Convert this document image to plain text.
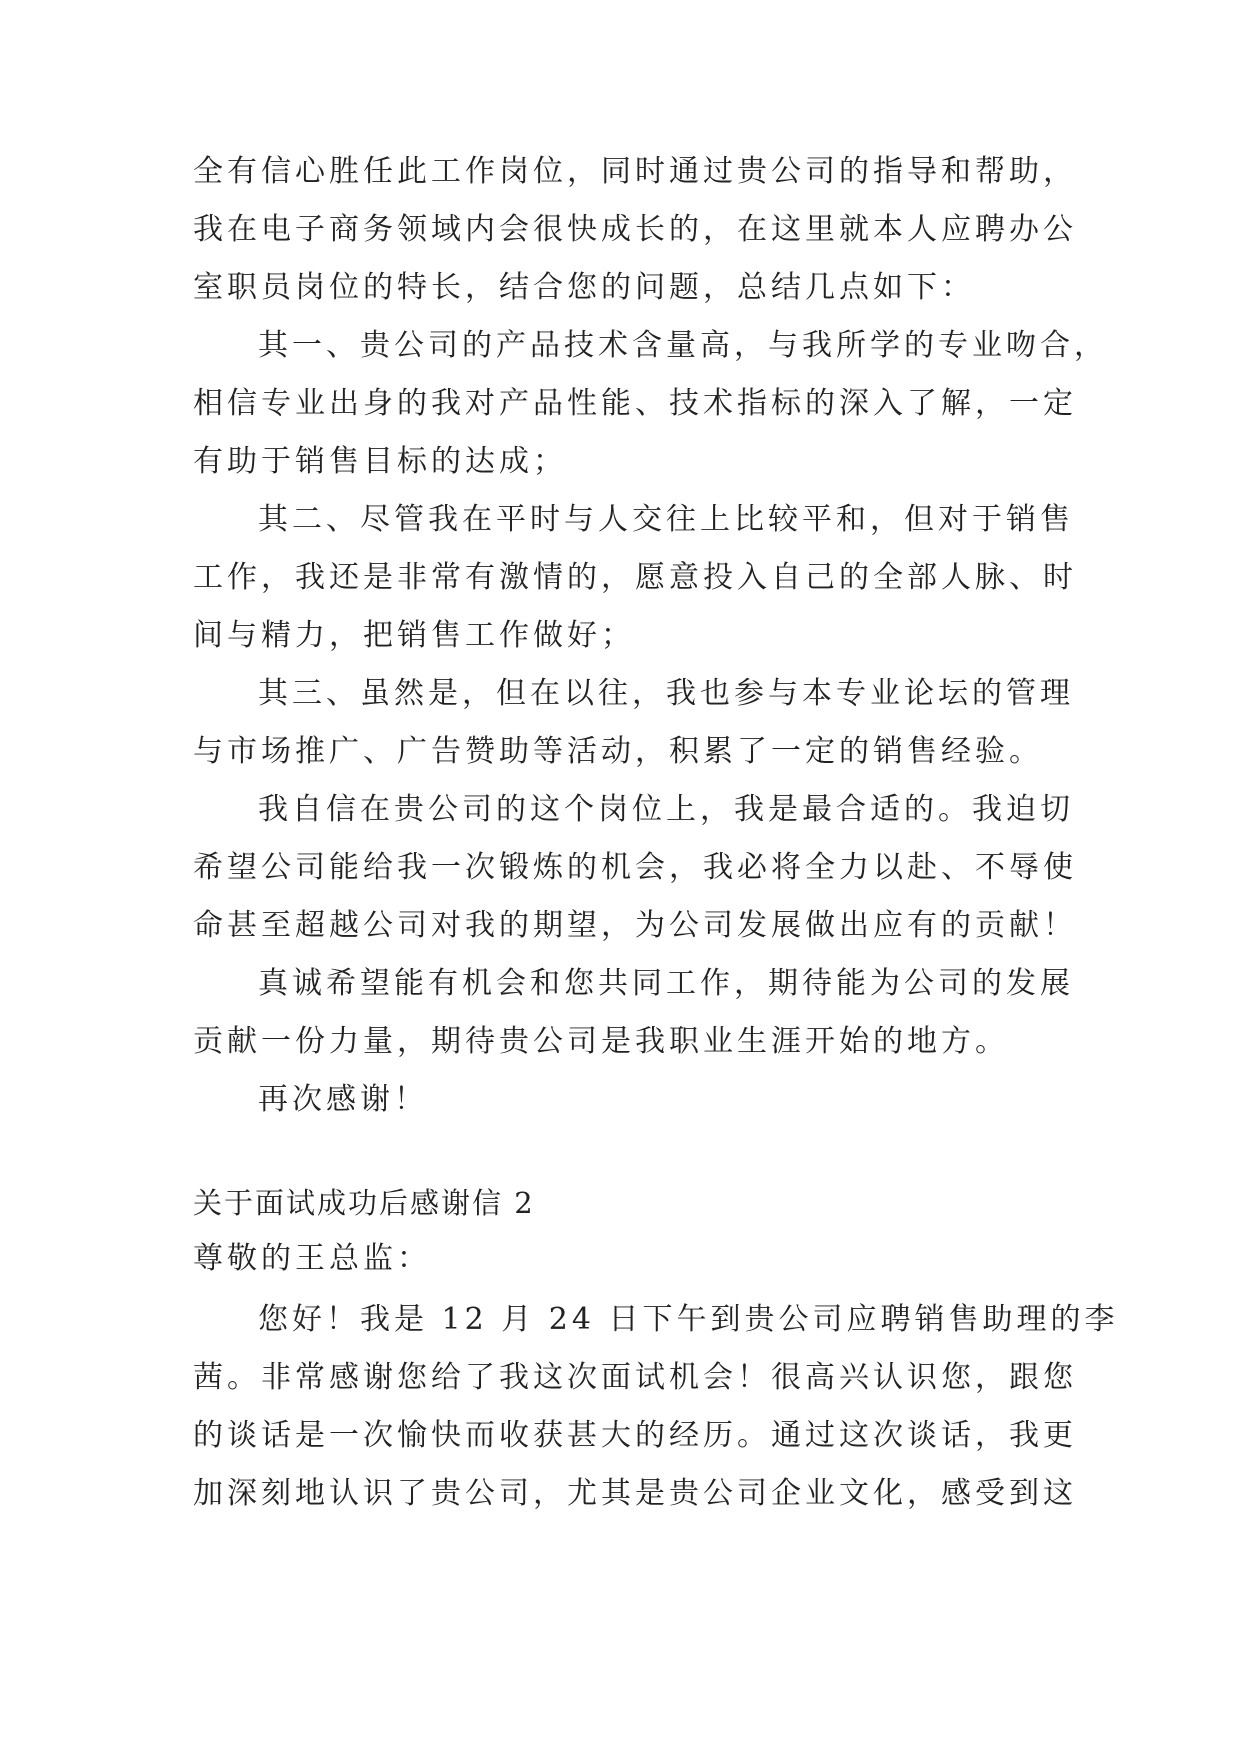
全有信心胜任此工作岗位，同时通过贵公司的指导和帮助，
我在电子商务领域内会很快成长的，在这里就本人应聘办公
室职员岗位的特长，结合您的问题，总结几点如下：
其一、贵公司的产品技术含量高，与我所学的专业吻合，
相信专业出身的我对产品性能、技术指标的深入了解，一定
有助于销售目标的达成；
其二、尽管我在平时与人交往上比较平和，但对于销售
工作，我还是非常有激情的，愿意投入自己的全部人脉、时
间与精力，把销售工作做好；
其三、虽然是，但在以往，我也参与本专业论坛的管理
与市场推广、广告赞助等活动，积累了一定的销售经验。
我自信在贵公司的这个岗位上，我是最合适的。我迫切
希望公司能给我一次锻炼的机会，我必将全力以赴、不辱使
命甚至超越公司对我的期望，为公司发展做出应有的贡献！
真诚希望能有机会和您共同工作，期待能为公司的发展
贡献一份力量，期待贵公司是我职业生涯开始的地方。
再次感谢！
关于面试成功后感谢信 2
尊敬的王总监：
您好！我是 12 月 24 日下午到贵公司应聘销售助理的李
茜。非常感谢您给了我这次面试机会！很高兴认识您，跟您
的谈话是一次愉快而收获甚大的经历。通过这次谈话，我更
加深刻地认识了贵公司，尤其是贵公司企业文化，感受到这
